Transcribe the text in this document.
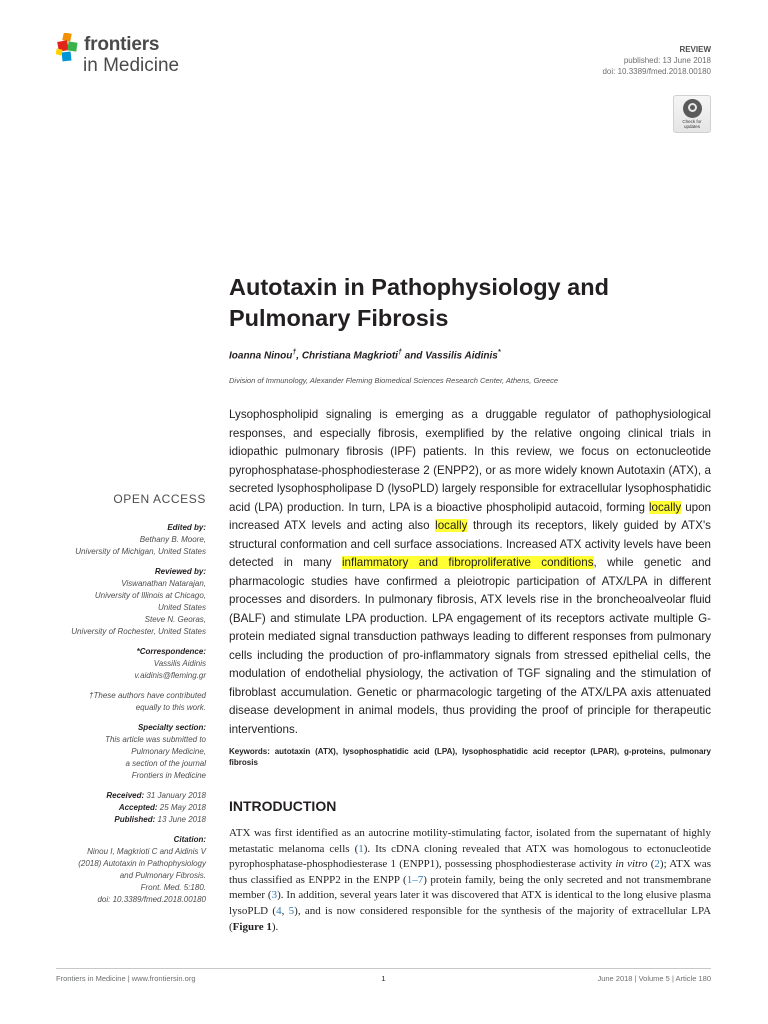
frontiers
in Medicine
REVIEW
published: 13 June 2018
doi: 10.3389/fmed.2018.00180
Check for
updates
Autotaxin in Pathophysiology and Pulmonary Fibrosis
Ioanna Ninou†, Christiana Magkrioti† and Vassilis Aidinis*
Division of Immunology, Alexander Fleming Biomedical Sciences Research Center, Athens, Greece
Lysophospholipid signaling is emerging as a druggable regulator of pathophysiological responses, and especially fibrosis, exemplified by the relative ongoing clinical trials in idiopathic pulmonary fibrosis (IPF) patients. In this review, we focus on ectonucleotide pyrophosphatase-phosphodiesterase 2 (ENPP2), or as more widely known Autotaxin (ATX), a secreted lysophospholipase D (lysoPLD) largely responsible for extracellular lysophosphatidic acid (LPA) production. In turn, LPA is a bioactive phospholipid autacoid, forming locally upon increased ATX levels and acting also locally through its receptors, likely guided by ATX's structural conformation and cell surface associations. Increased ATX activity levels have been detected in many inflammatory and fibroproliferative conditions, while genetic and pharmacologic studies have confirmed a pleiotropic participation of ATX/LPA in different processes and disorders. In pulmonary fibrosis, ATX levels rise in the broncheoalveolar fluid (BALF) and stimulate LPA production. LPA engagement of its receptors activate multiple G-protein mediated signal transduction pathways leading to different responses from pulmonary cells including the production of pro-inflammatory signals from stressed epithelial cells, the modulation of endothelial physiology, the activation of TGF signaling and the stimulation of fibroblast accumulation. Genetic or pharmacologic targeting of the ATX/LPA axis attenuated disease development in animal models, thus providing the proof of principle for therapeutic interventions.
Keywords: autotaxin (ATX), lysophosphatidic acid (LPA), lysophosphatidic acid receptor (LPAR), g-proteins, pulmonary fibrosis
INTRODUCTION
ATX was first identified as an autocrine motility-stimulating factor, isolated from the supernatant of highly metastatic melanoma cells (1). Its cDNA cloning revealed that ATX was homologous to ectonucleotide pyrophosphatase-phosphodiesterase 1 (ENPP1), possessing phosphodiesterase activity in vitro (2); ATX was thus classified as ENPP2 in the ENPP (1–7) protein family, being the only secreted and not transmembrane member (3). In addition, several years later it was discovered that ATX is identical to the long elusive plasma lysoPLD (4, 5), and is now considered responsible for the synthesis of the majority of extracellular LPA (Figure 1).
OPEN ACCESS
Edited by:
Bethany B. Moore,
University of Michigan, United States
Reviewed by:
Viswanathan Natarajan,
University of Illinois at Chicago,
United States
Steve N. Georas,
University of Rochester, United States
*Correspondence:
Vassilis Aidinis
v.aidinis@fleming.gr
†These authors have contributed
equally to this work.
Specialty section:
This article was submitted to
Pulmonary Medicine,
a section of the journal
Frontiers in Medicine
Received: 31 January 2018
Accepted: 25 May 2018
Published: 13 June 2018
Citation:
Ninou I, Magkrioti C and Aidinis V
(2018) Autotaxin in Pathophysiology
and Pulmonary Fibrosis.
Front. Med. 5:180.
doi: 10.3389/fmed.2018.00180
Frontiers in Medicine | www.frontiersin.org	1	June 2018 | Volume 5 | Article 180
